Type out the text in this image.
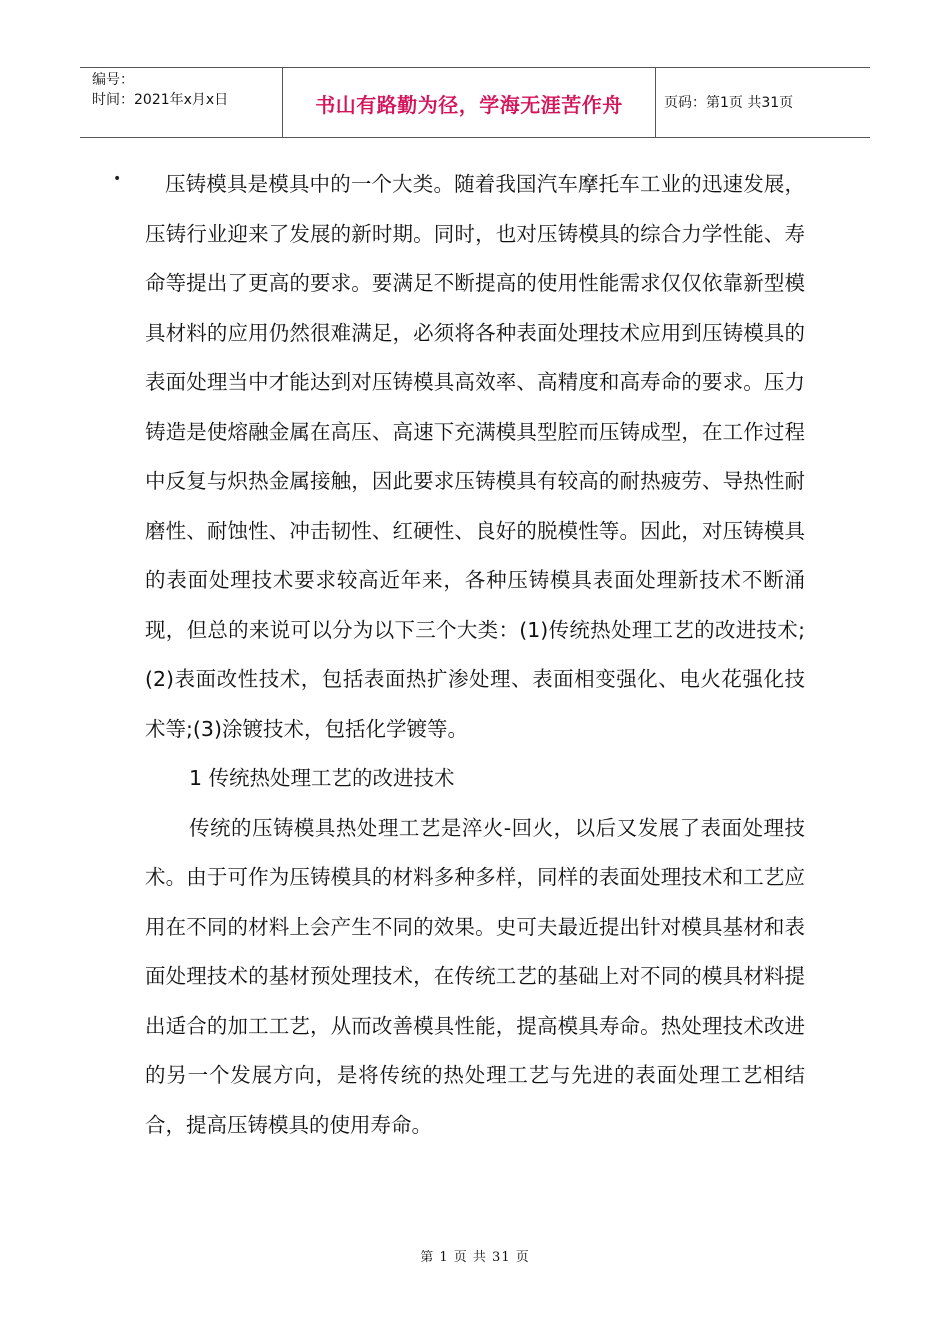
编号：
时间：2021年x月x日	书山有路勤为径，学海无涯苦作舟	页码：第1页 共31页
•	压铸模具是模具中的一个大类。随着我国汽车摩托车工业的迅速发展，压铸行业迎来了发展的新时期。同时，也对压铸模具的综合力学性能、寿命等提出了更高的要求。要满足不断提高的使用性能需求仅仅依靠新型模具材料的应用仍然很难满足，必须将各种表面处理技术应用到压铸模具的表面处理当中才能达到对压铸模具高效率、高精度和高寿命的要求。压力铸造是使熔融金属在高压、高速下充满模具型腔而压铸成型，在工作过程中反复与炽热金属接触，因此要求压铸模具有较高的耐热疲劳、导热性耐磨性、耐蚀性、冲击韧性、红硬性、良好的脱模性等。因此，对压铸模具的表面处理技术要求较高近年来，各种压铸模具表面处理新技术不断涌现，但总的来说可以分为以下三个大类：(1)传统热处理工艺的改进技术;(2)表面改性技术，包括表面热扩渗处理、表面相变强化、电火花强化技术等;(3)涂镀技术，包括化学镀等。

1 传统热处理工艺的改进技术

传统的压铸模具热处理工艺是淬火-回火，以后又发展了表面处理技术。由于可作为压铸模具的材料多种多样，同样的表面处理技术和工艺应用在不同的材料上会产生不同的效果。史可夫最近提出针对模具基材和表面处理技术的基材预处理技术，在传统工艺的基础上对不同的模具材料提出适合的加工工艺，从而改善模具性能，提高模具寿命。热处理技术改进的另一个发展方向，是将传统的热处理工艺与先进的表面处理工艺相结合，提高压铸模具的使用寿命。

第 1 页 共 31 页
